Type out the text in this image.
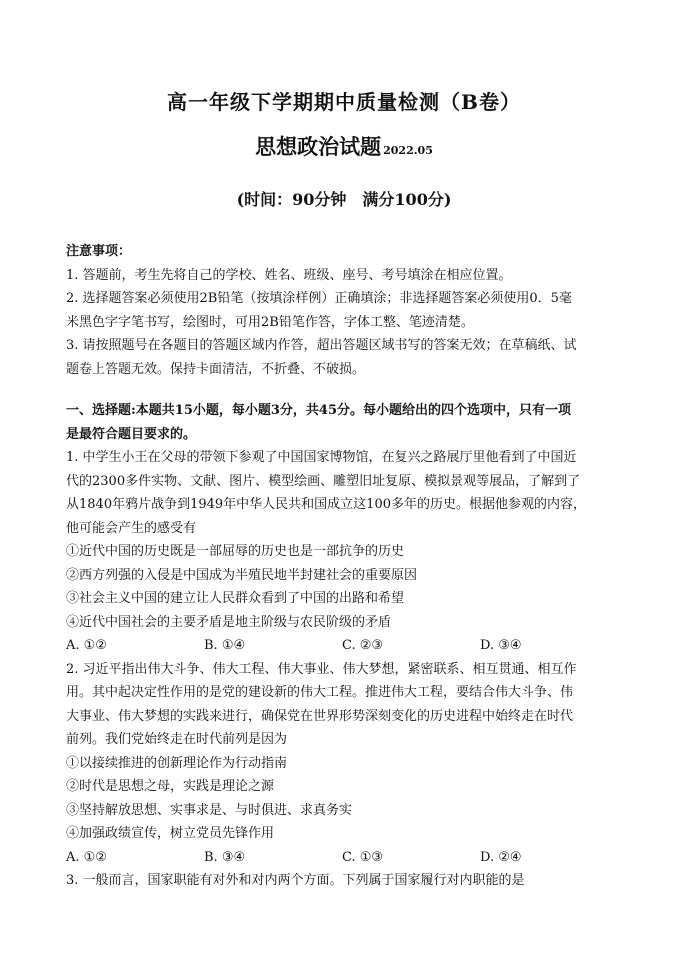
高一年级下学期期中质量检测（B卷）
思想政治试题 2022.05
(时间：90分钟 满分100分)
注意事项：
1. 答题前，考生先将自己的学校、姓名、班级、座号、考号填涂在相应位置。
2. 选择题答案必须使用2B铅笔（按填涂样例）正确填涂；非选择题答案必须使用0．5毫
米黑色字字笔书写，绘图时，可用2B铅笔作答，字体工整、笔迹清楚。
3. 请按照题号在各题目的答题区域内作答，超出答题区域书写的答案无效；在草稿纸、试
题卷上答题无效。保持卡面清洁，不折叠、不破损。
一、选择题:本题共15小题，每小题3分，共45分。每小题给出的四个选项中，只有一项
是最符合题目要求的。
1. 中学生小王在父母的带领下参观了中国国家博物馆，在复兴之路展厅里他看到了中国近
代的2300多件实物、文献、图片、模型绘画、雕塑旧址复原、模拟景观等展品，了解到了
从1840年鸦片战争到1949年中华人民共和国成立这100多年的历史。根据他参观的内容，
他可能会产生的感受有
①近代中国的历史既是一部屈辱的历史也是一部抗争的历史
②西方列强的入侵是中国成为半殖民地半封建社会的重要原因
③社会主义中国的建立让人民群众看到了中国的出路和希望
④近代中国社会的主要矛盾是地主阶级与农民阶级的矛盾
A. ①②	B. ①④	C. ②③	D. ③④
2. 习近平指出伟大斗争、伟大工程、伟大事业、伟大梦想，紧密联系、相互贯通、相互作
用。其中起决定性作用的是党的建设新的伟大工程。推进伟大工程，要结合伟大斗争、伟
大事业、伟大梦想的实践来进行，确保党在世界形势深刻变化的历史进程中始终走在时代
前列。我们党始终走在时代前列是因为
①以接续推进的创新理论作为行动指南
②时代是思想之母，实践是理论之源
③坚持解放思想、实事求是、与时俱进、求真务实
④加强政绩宣传，树立党员先锋作用
A. ①②	B. ③④	C. ①③	D. ②④
3. 一般而言，国家职能有对外和对内两个方面。下列属于国家履行对内职能的是
